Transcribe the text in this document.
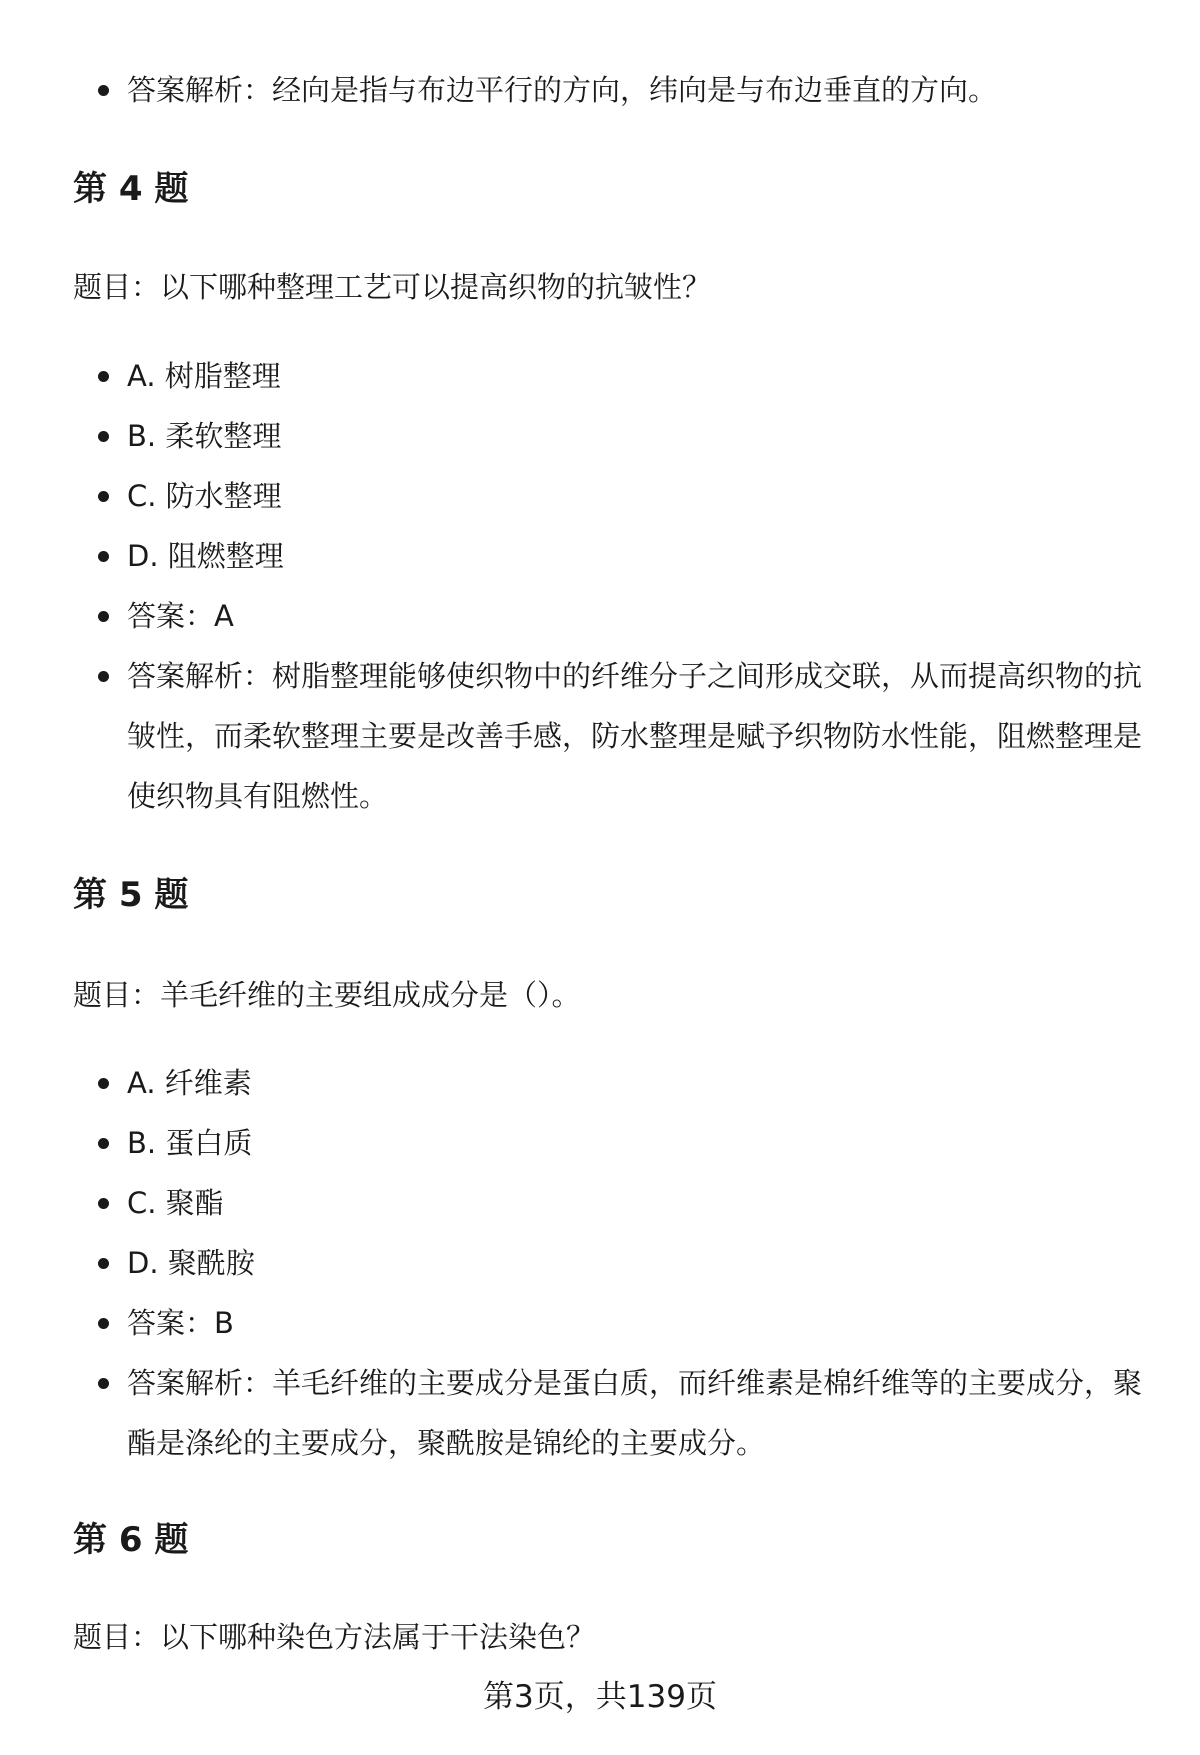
答案解析：经向是指与布边平行的方向，纬向是与布边垂直的方向。
第 4 题
题目：以下哪种整理工艺可以提高织物的抗皱性？
A. 树脂整理
B. 柔软整理
C. 防水整理
D. 阻燃整理
答案：A
答案解析：树脂整理能够使织物中的纤维分子之间形成交联，从而提高织物的抗皱性，而柔软整理主要是改善手感，防水整理是赋予织物防水性能，阻燃整理是使织物具有阻燃性。
第 5 题
题目：羊毛纤维的主要组成成分是（）。
A. 纤维素
B. 蛋白质
C. 聚酯
D. 聚酰胺
答案：B
答案解析：羊毛纤维的主要成分是蛋白质，而纤维素是棉纤维等的主要成分，聚酯是涤纶的主要成分，聚酰胺是锦纶的主要成分。
第 6 题
题目：以下哪种染色方法属于干法染色？
第3页，共139页
